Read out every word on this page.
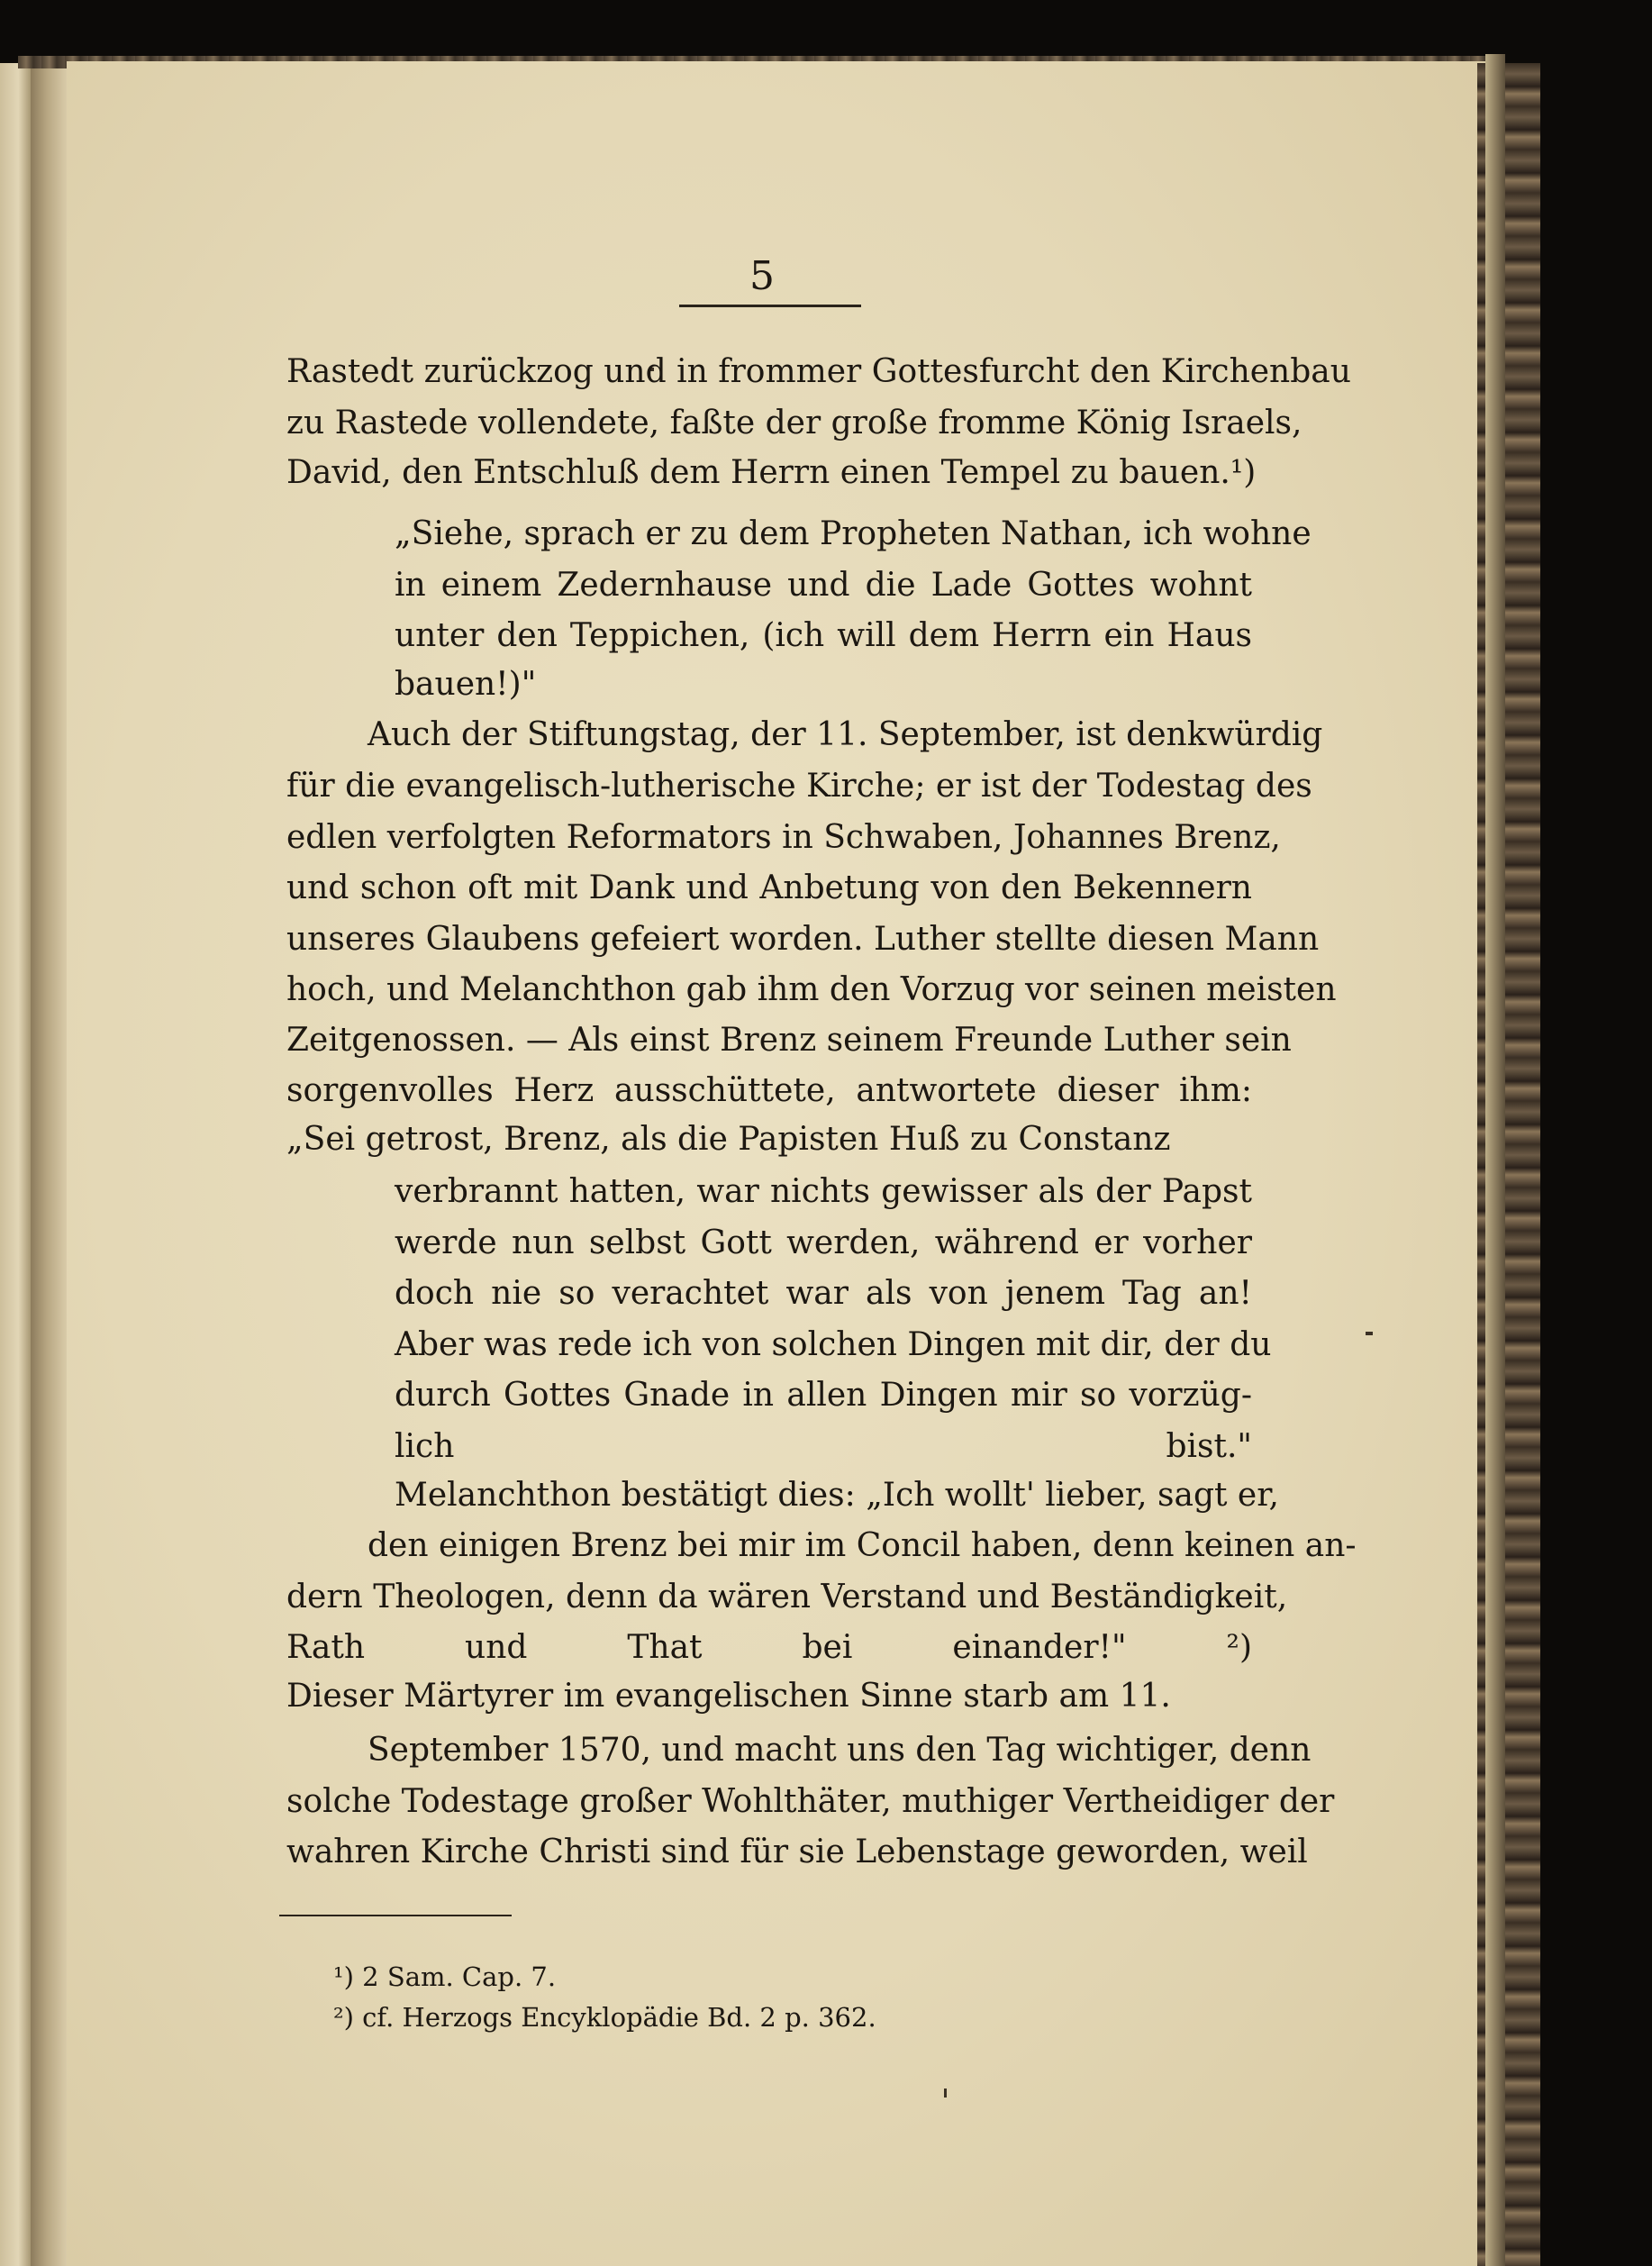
5
Rastedt zurückzog und in frommer Gottesfurcht den Kirchenbau
zu Rastede vollendete, faßte der große fromme König Israels,
David, den Entschluß dem Herrn einen Tempel zu bauen.¹)
„Siehe, sprach er zu dem Propheten Nathan, ich wohne
in einem Zedernhause und die Lade Gottes wohnt
unter den Teppichen, (ich will dem Herrn ein Haus
bauen!)"
Auch der Stiftungstag, der 11. September, ist denkwürdig
für die evangelisch-lutherische Kirche; er ist der Todestag des
edlen verfolgten Reformators in Schwaben, Johannes Brenz,
und schon oft mit Dank und Anbetung von den Bekennern
unseres Glaubens gefeiert worden. Luther stellte diesen Mann
hoch, und Melanchthon gab ihm den Vorzug vor seinen meisten
Zeitgenossen. — Als einst Brenz seinem Freunde Luther sein
sorgenvolles Herz ausschüttete, antwortete dieser ihm:
„Sei getrost, Brenz, als die Papisten Huß zu Constanz
verbrannt hatten, war nichts gewisser als der Papst
werde nun selbst Gott werden, während er vorher
doch nie so verachtet war als von jenem Tag an!
Aber was rede ich von solchen Dingen mit dir, der du
durch Gottes Gnade in allen Dingen mir so vorzüg-
lich bist."
Melanchthon bestätigt dies: „Ich wollt' lieber, sagt er,
den einigen Brenz bei mir im Concil haben, denn keinen an-
dern Theologen, denn da wären Verstand und Beständigkeit,
Rath und That bei einander!" ²)
Dieser Märtyrer im evangelischen Sinne starb am 11.
September 1570, und macht uns den Tag wichtiger, denn
solche Todestage großer Wohlthäter, muthiger Vertheidiger der
wahren Kirche Christi sind für sie Lebenstage geworden, weil
¹) 2 Sam. Cap. 7.
²) cf. Herzogs Encyklopädie Bd. 2 p. 362.
